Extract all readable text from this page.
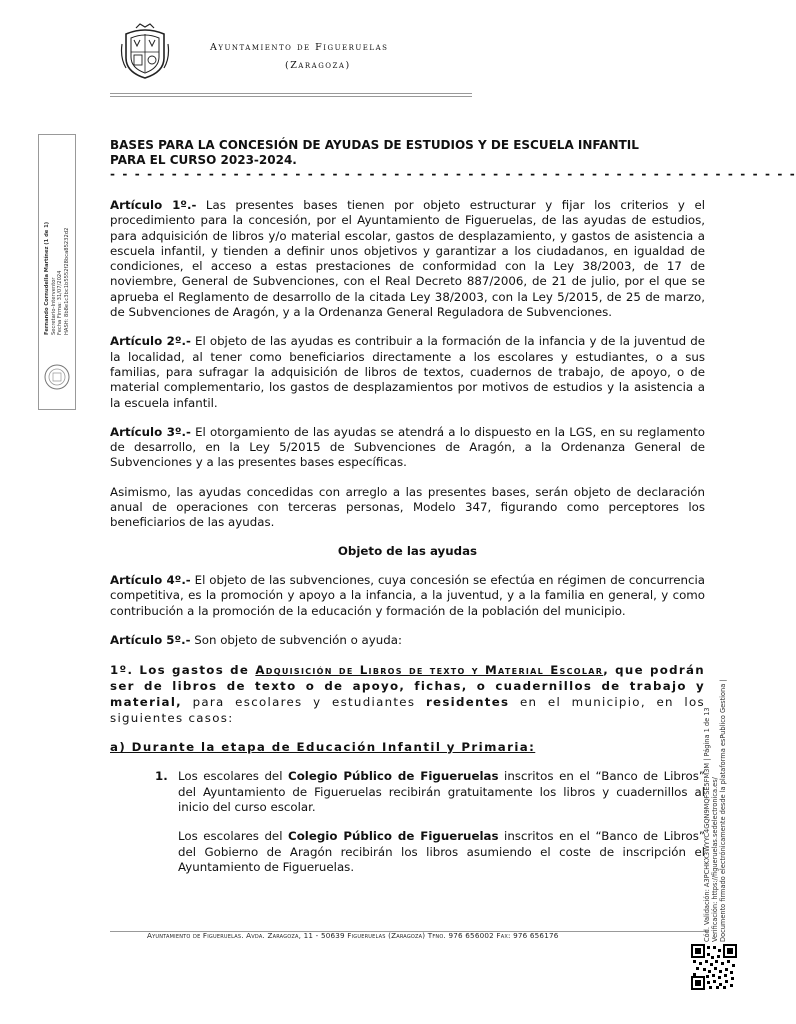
Ayuntamiento de Figueruelas
(Zaragoza)
Fernando Cornudella Martínez (1 de 1) Secretario-Interventor Fecha Firma: 31/07/2024 HASH: 8b8e1c3bc1b5552f28bca85232d2
BASES PARA LA CONCESIÓN DE AYUDAS DE ESTUDIOS Y DE ESCUELA INFANTIL
PARA EL CURSO 2023-2024.
- - - - - - - - - - - - - - - - - - - - - - - - - - - - - - - - - - - - - - - - - - - - - - - - - - - - - - - -

Artículo 1º.- Las presentes bases tienen por objeto estructurar y fijar los criterios y el procedimiento para la concesión, por el Ayuntamiento de Figueruelas, de las ayudas de estudios, para adquisición de libros y/o material escolar, gastos de desplazamiento, y gastos de asistencia a escuela infantil, y tienden a definir unos objetivos y garantizar a los ciudadanos, en igualdad de condiciones, el acceso a estas prestaciones de conformidad con la Ley 38/2003, de 17 de noviembre, General de Subvenciones, con el Real Decreto 887/2006, de 21 de julio, por el que se aprueba el Reglamento de desarrollo de la citada Ley 38/2003, con la Ley 5/2015, de 25 de marzo, de Subvenciones de Aragón, y a la Ordenanza General Reguladora de Subvenciones.

Artículo 2º.- El objeto de las ayudas es contribuir a la formación de la infancia y de la juventud de la localidad, al tener como beneficiarios directamente a los escolares y estudiantes, o a sus familias, para sufragar la adquisición de libros de textos, cuadernos de trabajo, de apoyo, o de material complementario, los gastos de desplazamientos por motivos de estudios y la asistencia a la escuela infantil.

Artículo 3º.- El otorgamiento de las ayudas se atendrá a lo dispuesto en la LGS, en su reglamento de desarrollo, en la Ley 5/2015 de Subvenciones de Aragón, a la Ordenanza General de Subvenciones y a las presentes bases específicas.

Asimismo, las ayudas concedidas con arreglo a las presentes bases, serán objeto de declaración anual de operaciones con terceras personas, Modelo 347, figurando como perceptores los beneficiarios de las ayudas.

Objeto de las ayudas

Artículo 4º.- El objeto de las subvenciones, cuya concesión se efectúa en régimen de concurrencia competitiva, es la promoción y apoyo a la infancia, a la juventud, y a la familia en general, y como contribución a la promoción de la educación y formación de la población del municipio.

Artículo 5º.- Son objeto de subvención o ayuda:

1º. Los gastos de Adquisición de Libros de texto y Material Escolar, que podrán ser de libros de texto o de apoyo, fichas, o cuadernillos de trabajo y material, para escolares y estudiantes residentes en el municipio, en los siguientes casos:

a) Durante la etapa de Educación Infantil y Primaria:
1. Los escolares del Colegio Público de Figueruelas inscritos en el “Banco de Libros” del Ayuntamiento de Figueruelas recibirán gratuitamente los libros y cuadernillos al inicio del curso escolar.

Los escolares del Colegio Público de Figueruelas inscritos en el “Banco de Libros” del Gobierno de Aragón recibirán los libros asumiendo el coste de inscripción el Ayuntamiento de Figueruelas.

Ayuntamiento de Figueruelas. Avda. Zaragoza, 11 - 50639 Figueruelas (Zaragoza) Tfno. 976 656002 Fax: 976 656176	Cód. Validación: A3PCHKX3WYYC4GQN9MQFSE5FM3M | Página 1 de 13 Verificación: https://figueruelas.sedelectronica.es/ Documento firmado electrónicamente desde la plataforma esPublico Gestiona |
